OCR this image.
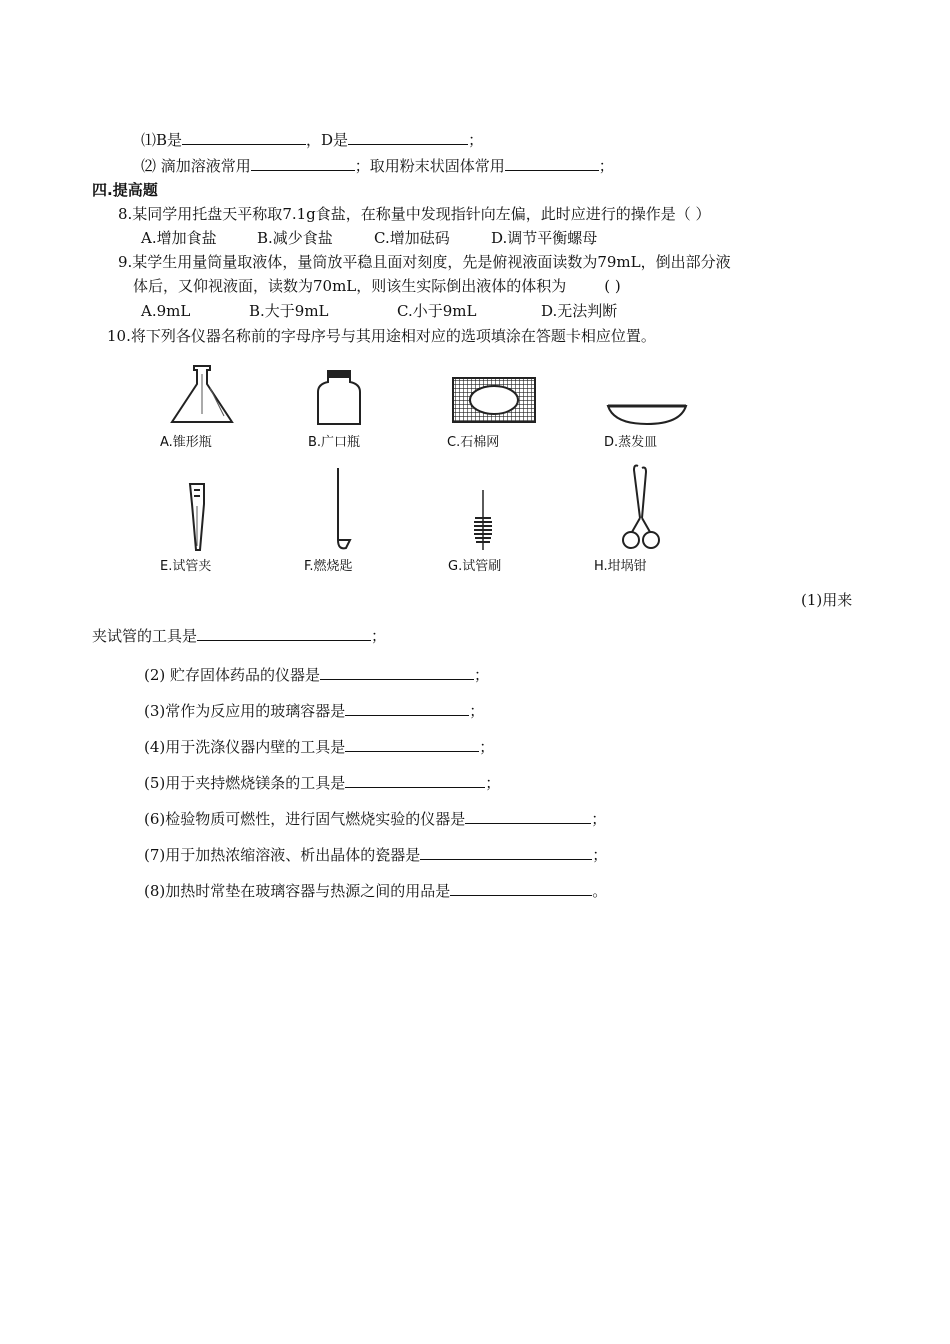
⑴B是	，D是	；
⑵ 滴加溶液常用	；取用粉末状固体常用	；
四.提高题
8.某同学用托盘天平称取7.1g食盐，在称量中发现指针向左偏，此时应进行的操作是（ ）
A.增加食盐	B.减少食盐	C.增加砝码	D.调节平衡螺母
9.某学生用量筒量取液体，量筒放平稳且面对刻度，先是俯视液面读数为79mL，倒出部分液
体后，又仰视液面，读数为70mL，则该生实际倒出液体的体积为	( )
A.9mL	B.大于9mL	C.小于9mL	D.无法判断
10.将下列各仪器名称前的字母序号与其用途相对应的选项填涂在答题卡相应位置。
A.锥形瓶	B.广口瓶	C.石棉网	D.蒸发皿
E.试管夹	F.燃烧匙	G.试管刷	H.坩埚钳
(1)用来
夹试管的工具是	；
(2) 贮存固体药品的仪器是	；
(3)常作为反应用的玻璃容器是	；
(4)用于洗涤仪器内壁的工具是	；
(5)用于夹持燃烧镁条的工具是	；
(6)检验物质可燃性，进行固气燃烧实验的仪器是	；
(7)用于加热浓缩溶液、析出晶体的瓷器是	；
(8)加热时常垫在玻璃容器与热源之间的用品是	。
